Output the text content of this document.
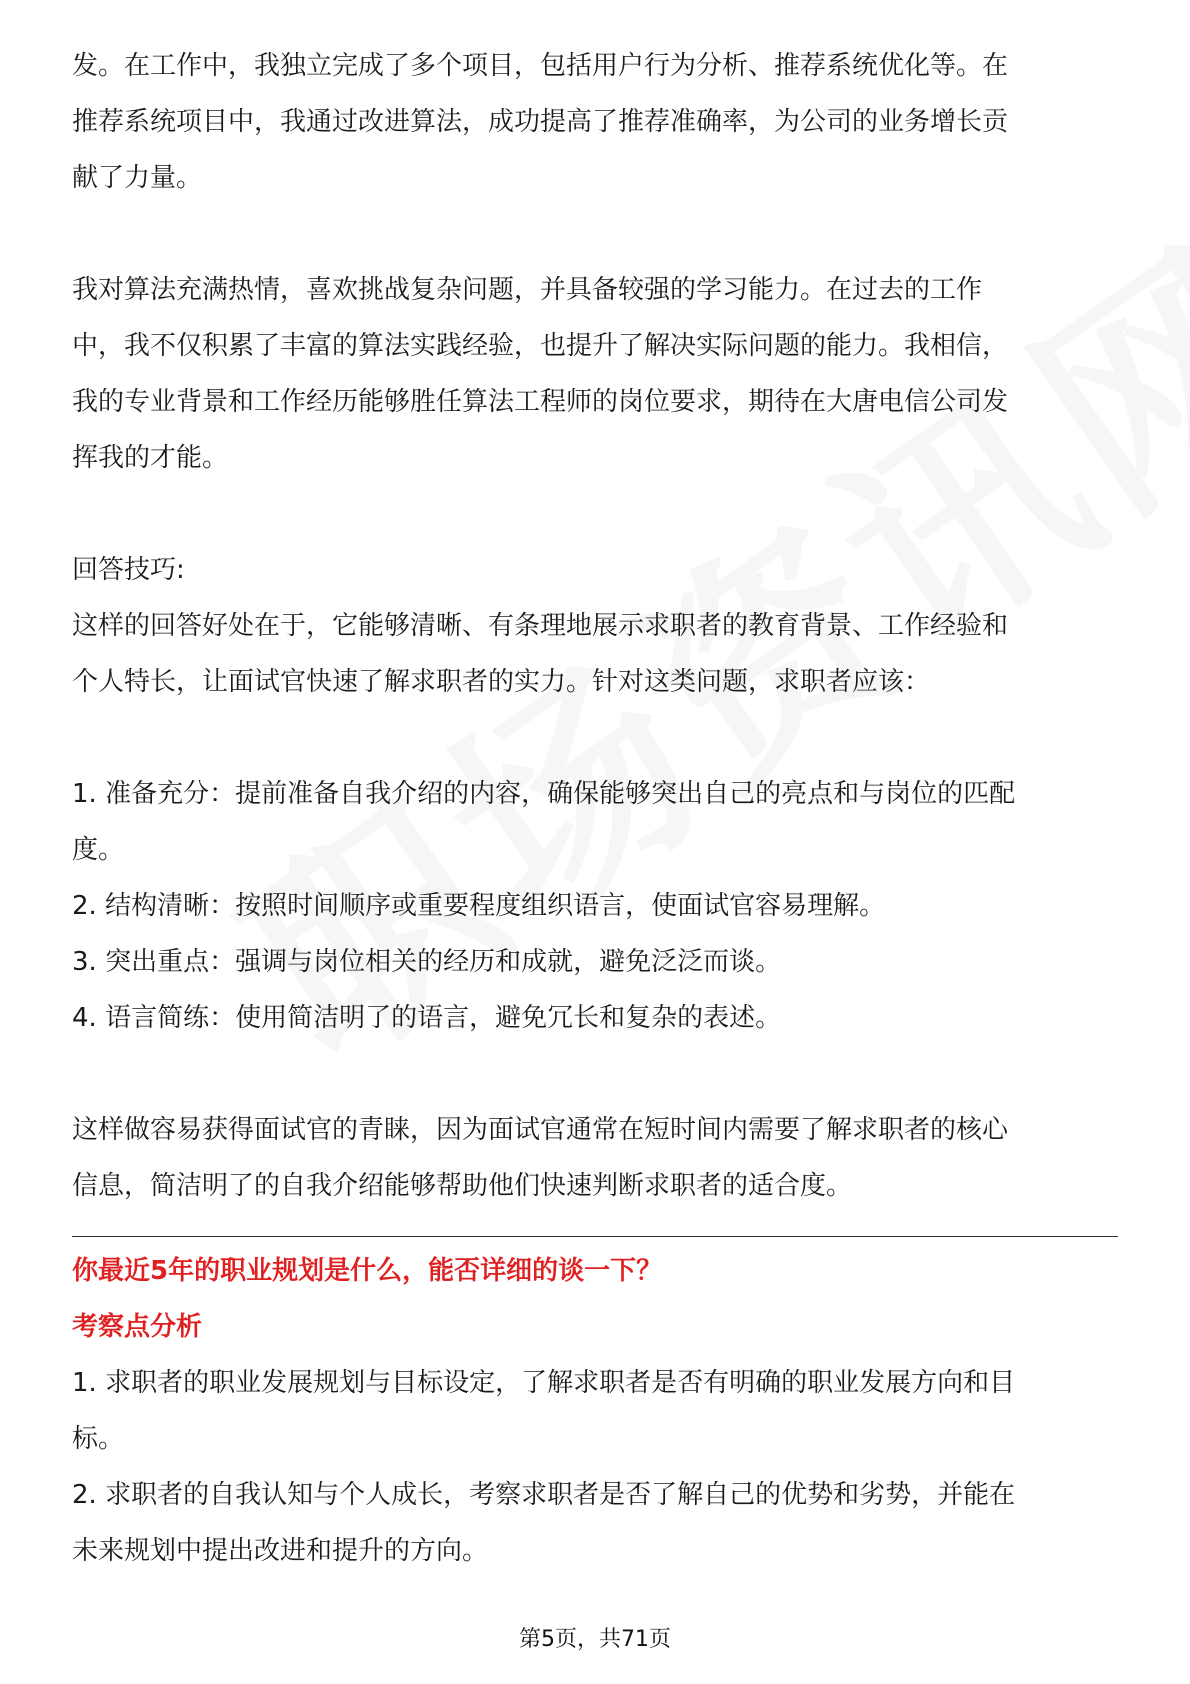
发。在工作中，我独立完成了多个项目，包括用户行为分析、推荐系统优化等。在

推荐系统项目中，我通过改进算法，成功提高了推荐准确率，为公司的业务增长贡

献了力量。

我对算法充满热情，喜欢挑战复杂问题，并具备较强的学习能力。在过去的工作

中，我不仅积累了丰富的算法实践经验，也提升了解决实际问题的能力。我相信，

我的专业背景和工作经历能够胜任算法工程师的岗位要求，期待在大唐电信公司发

挥我的才能。

回答技巧:

这样的回答好处在于，它能够清晰、有条理地展示求职者的教育背景、工作经验和

个人特长，让面试官快速了解求职者的实力。针对这类问题，求职者应该：

1. 准备充分：提前准备自我介绍的内容，确保能够突出自己的亮点和与岗位的匹配

度。

2. 结构清晰：按照时间顺序或重要程度组织语言，使面试官容易理解。

3. 突出重点：强调与岗位相关的经历和成就，避免泛泛而谈。

4. 语言简练：使用简洁明了的语言，避免冗长和复杂的表述。

这样做容易获得面试官的青睐，因为面试官通常在短时间内需要了解求职者的核心

信息，简洁明了的自我介绍能够帮助他们快速判断求职者的适合度。

你最近5年的职业规划是什么，能否详细的谈一下？

考察点分析

1. 求职者的职业发展规划与目标设定，了解求职者是否有明确的职业发展方向和目

标。

2. 求职者的自我认知与个人成长，考察求职者是否了解自己的优势和劣势，并能在

未来规划中提出改进和提升的方向。

第5页，共71页
